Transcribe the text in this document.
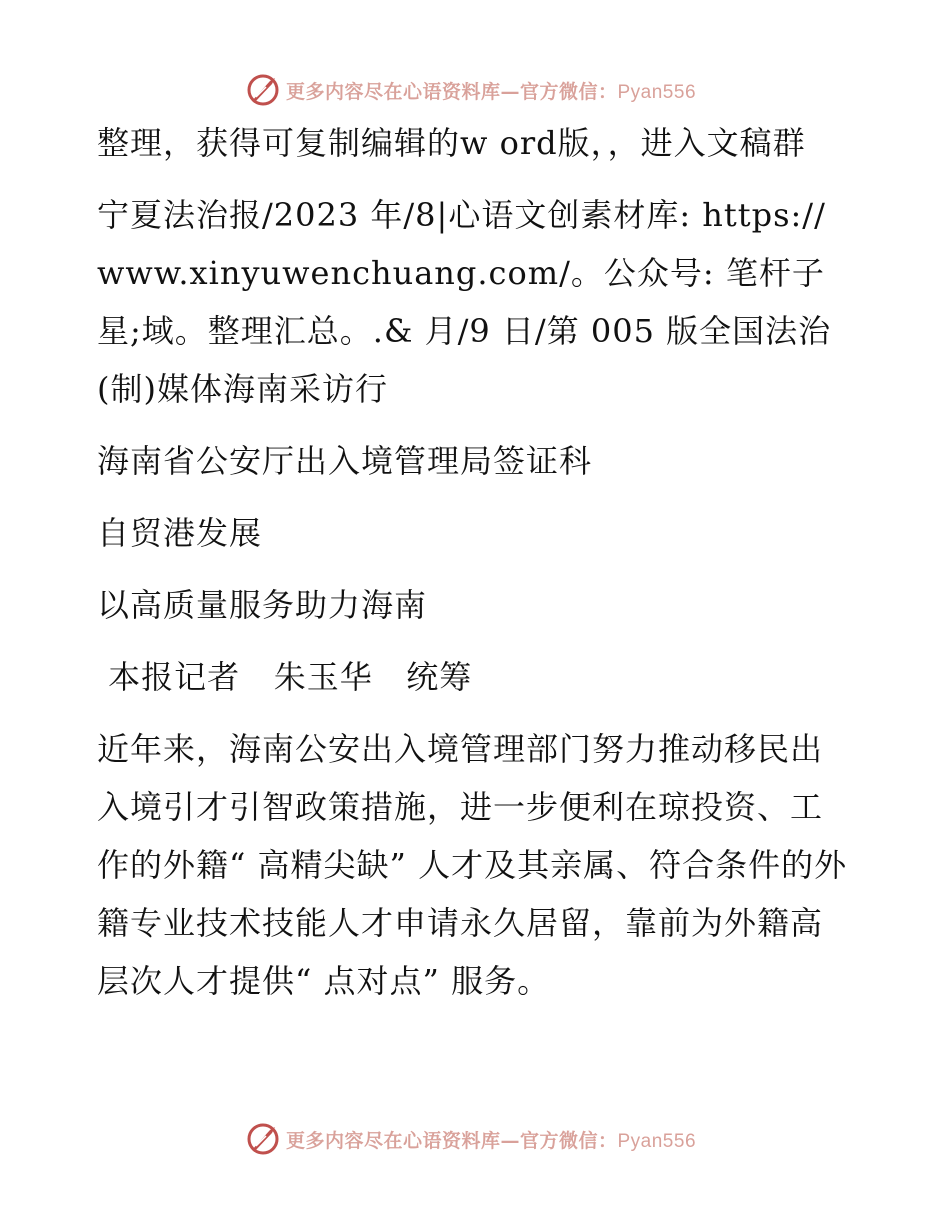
更多内容尽在心语资料库—官方微信：Pyan556

整理，获得可复制编辑的w ord版，，进入文稿群

宁夏法治报/2023 年/8|心语文创素材库: https://www.xinyuwenchuang.com/。公众号: 笔杆子星;域。整理汇总。.& 月/9 日/第 005 版全国法治(制)媒体海南采访行

海南省公安厅出入境管理局签证科

自贸港发展

以高质量服务助力海南

本报记者   朱玉华   统筹

近年来，海南公安出入境管理部门努力推动移民出入境引才引智政策措施，进一步便利在琼投资、工作的外籍“ 高精尖缺” 人才及其亲属、符合条件的外籍专业技术技能人才申请永久居留，靠前为外籍高层次人才提供“ 点对点” 服务。

更多内容尽在心语资料库—官方微信：Pyan556
